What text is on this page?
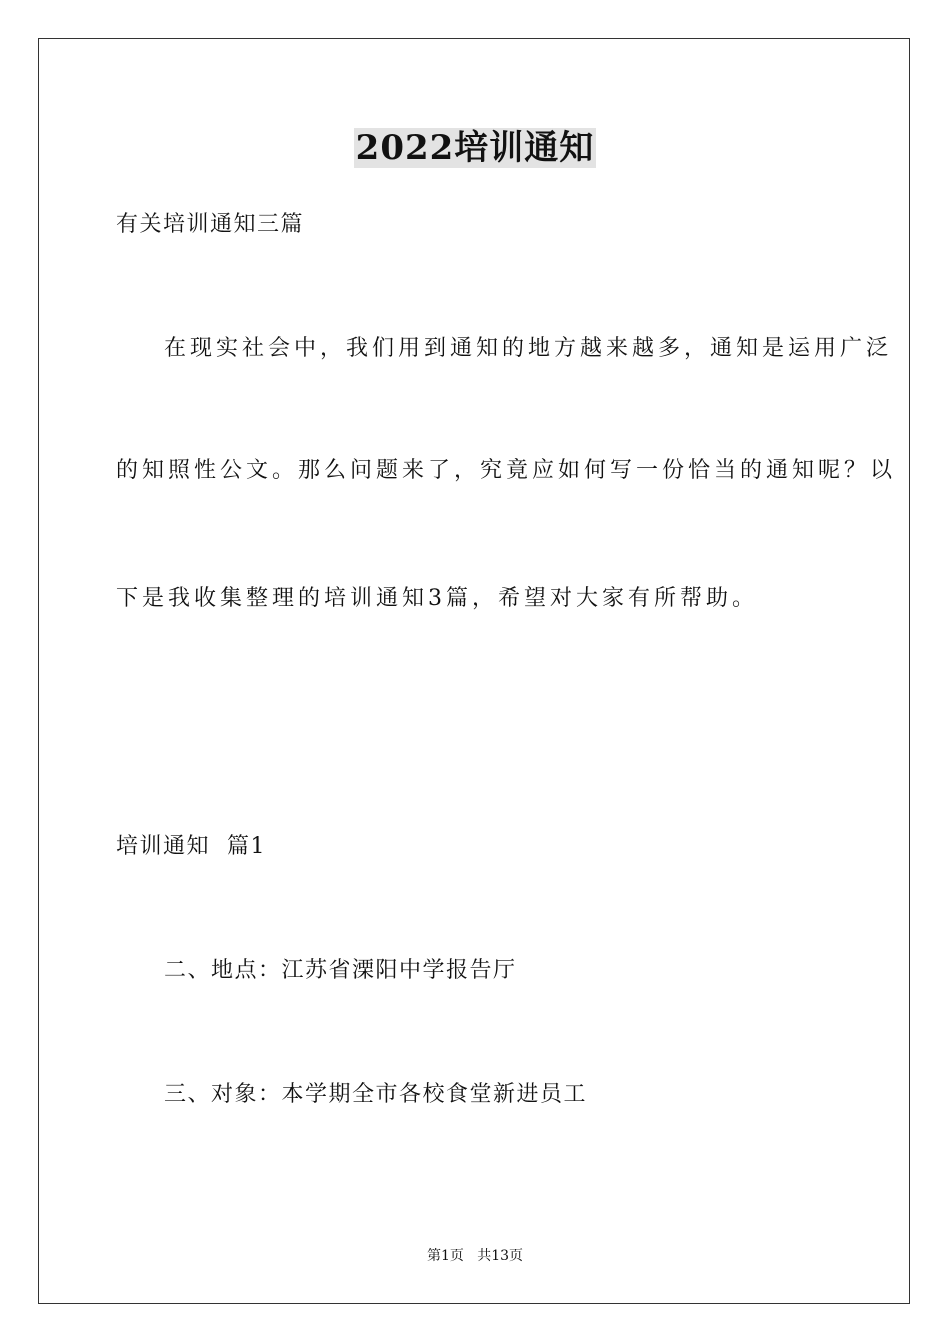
2022培训通知
有关培训通知三篇
在现实社会中，我们用到通知的地方越来越多，通知是运用广泛
的知照性公文。那么问题来了，究竟应如何写一份恰当的通知呢？以
下是我收集整理的培训通知3篇，希望对大家有所帮助。
培训通知  篇1
二、地点：江苏省溧阳中学报告厅
三、对象：本学期全市各校食堂新进员工
第1页   共13页
